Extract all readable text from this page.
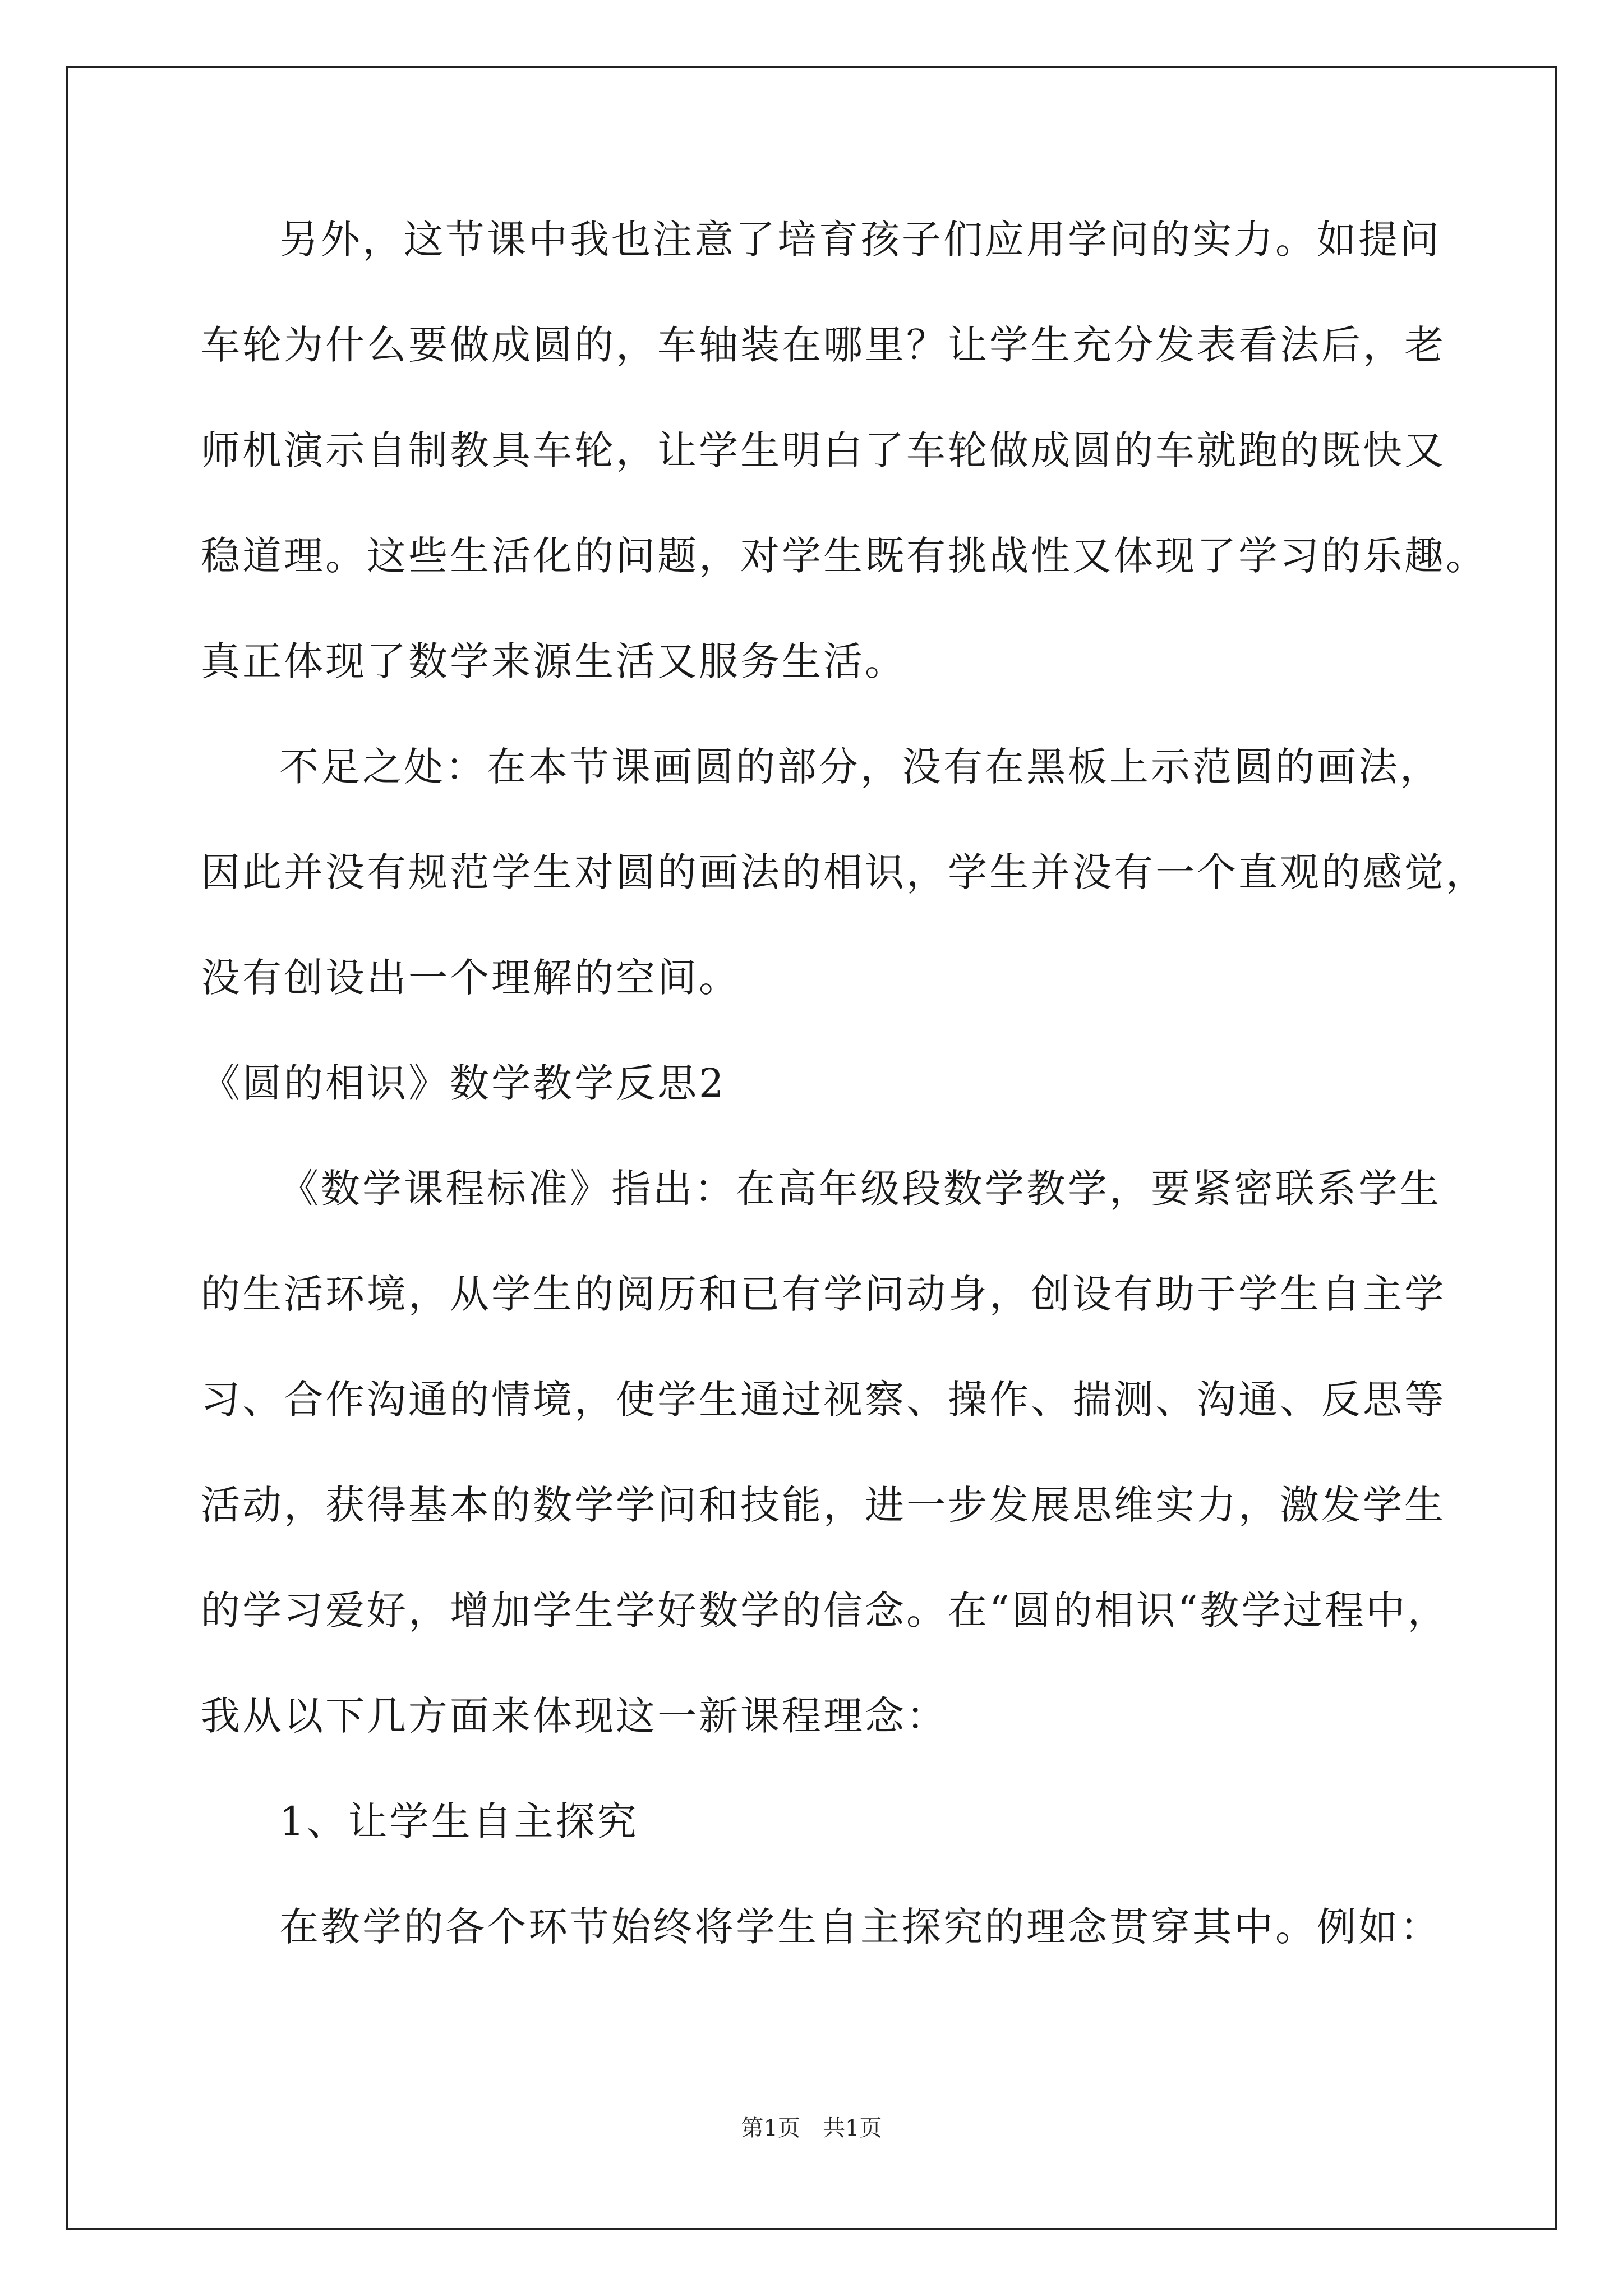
另外，这节课中我也注意了培育孩子们应用学问的实力。如提问
车轮为什么要做成圆的，车轴装在哪里？让学生充分发表看法后，老
师机演示自制教具车轮，让学生明白了车轮做成圆的车就跑的既快又
稳道理。这些生活化的问题，对学生既有挑战性又体现了学习的乐趣。
真正体现了数学来源生活又服务生活。
不足之处：在本节课画圆的部分，没有在黑板上示范圆的画法，
因此并没有规范学生对圆的画法的相识，学生并没有一个直观的感觉，
没有创设出一个理解的空间。
《圆的相识》数学教学反思2
《数学课程标准》指出：在高年级段数学教学，要紧密联系学生
的生活环境，从学生的阅历和已有学问动身，创设有助于学生自主学
习、合作沟通的情境，使学生通过视察、操作、揣测、沟通、反思等
活动，获得基本的数学学问和技能，进一步发展思维实力，激发学生
的学习爱好，增加学生学好数学的信念。在“圆的相识“教学过程中，
我从以下几方面来体现这一新课程理念：
1、让学生自主探究
在教学的各个环节始终将学生自主探究的理念贯穿其中。例如：
第1页　共1页
